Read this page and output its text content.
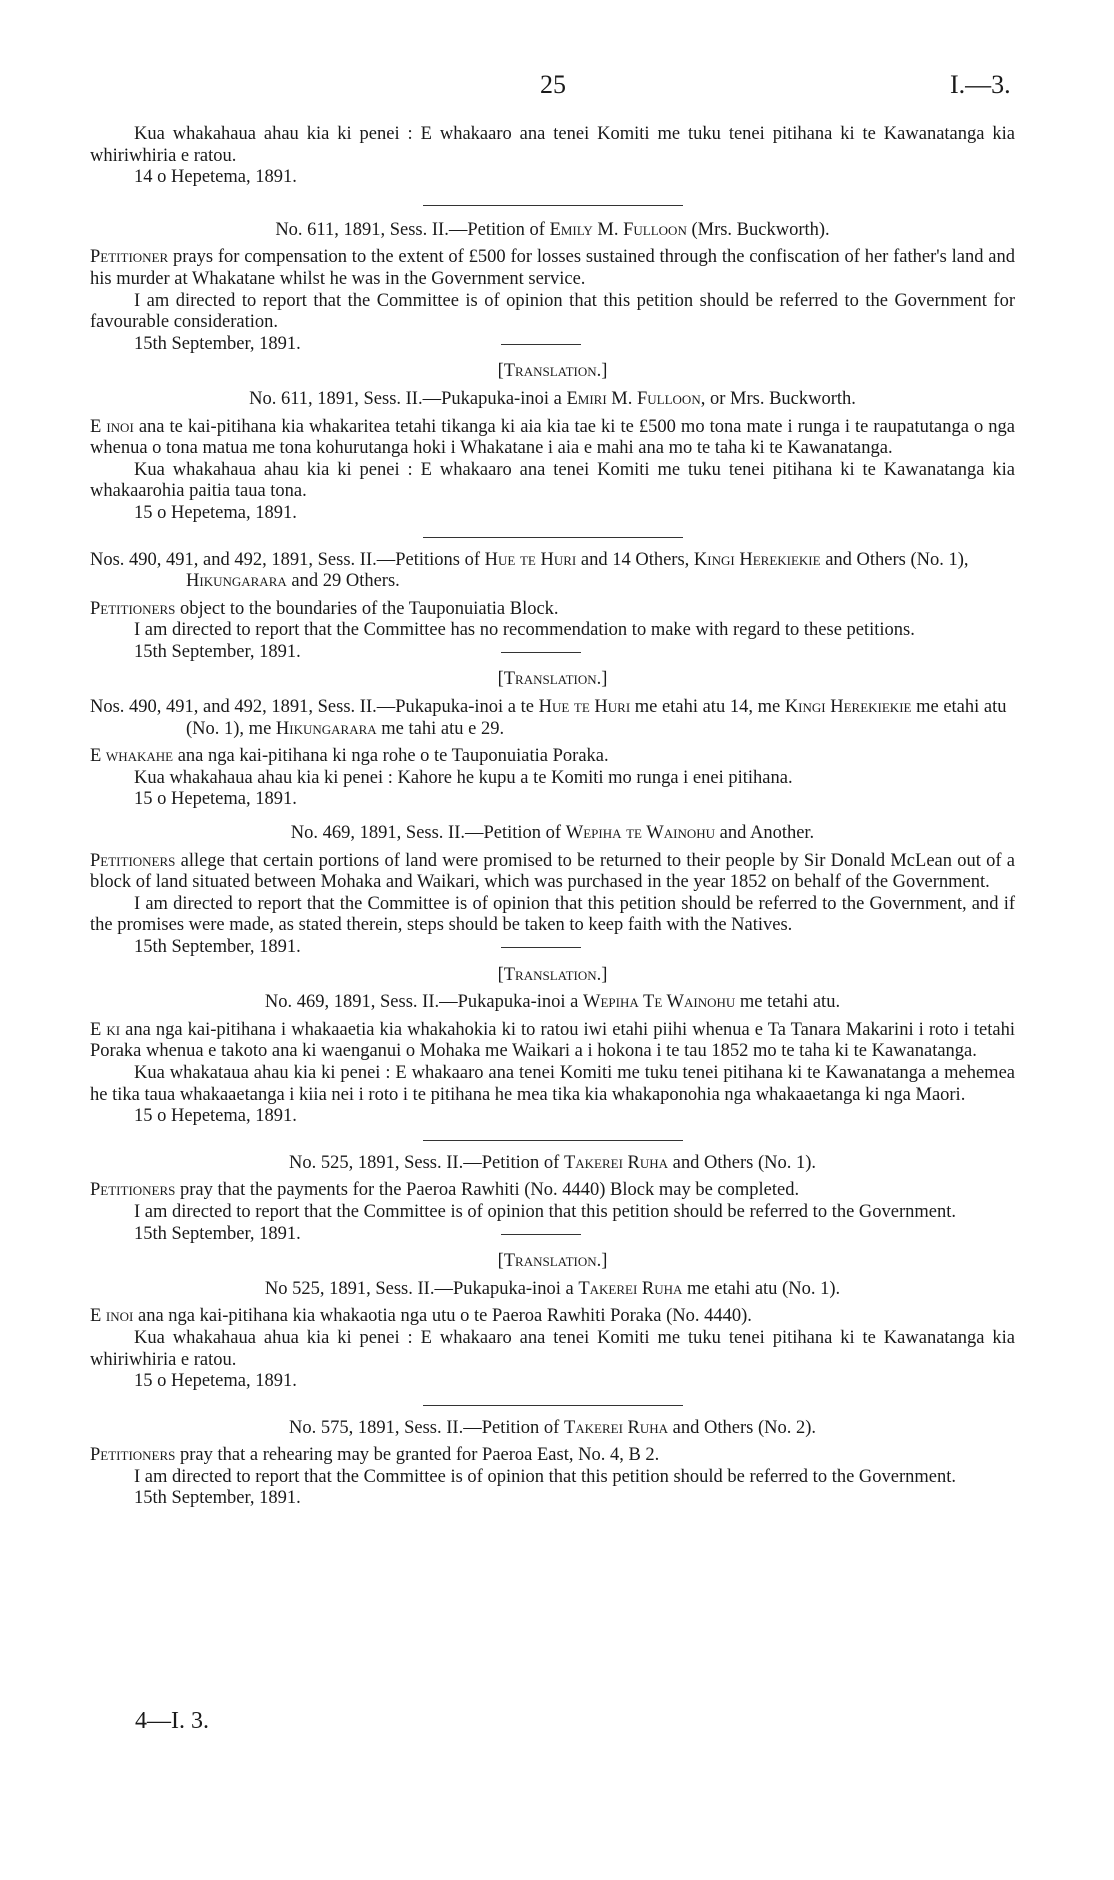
25	I.—3.

Kua whakahaua ahau kia ki penei : E whakaaro ana tenei Komiti me tuku tenei pitihana ki te Kawanatanga kia whiriwhiria e ratou.

14 o Hepetema, 1891.

No. 611, 1891, Sess. II.—Petition of Emily M. Fulloon (Mrs. Buckworth).

Petitioner prays for compensation to the extent of £500 for losses sustained through the confiscation of her father's land and his murder at Whakatane whilst he was in the Government service.

I am directed to report that the Committee is of opinion that this petition should be referred to the Government for favourable consideration.

15th September, 1891.

[Translation.]

No. 611, 1891, Sess. II.—Pukapuka-inoi a Emiri M. Fulloon, or Mrs. Buckworth.

E inoi ana te kai-pitihana kia whakaritea tetahi tikanga ki aia kia tae ki te £500 mo tona mate i runga i te raupatutanga o nga whenua o tona matua me tona kohurutanga hoki i Whakatane i aia e mahi ana mo te taha ki te Kawanatanga.

Kua whakahaua ahau kia ki penei : E whakaaro ana tenei Komiti me tuku tenei pitihana ki te Kawanatanga kia whakaarohia paitia taua tona.

15 o Hepetema, 1891.

Nos. 490, 491, and 492, 1891, Sess. II.—Petitions of Hue te Huri and 14 Others, Kingi Herekiekie and Others (No. 1), Hikungarara and 29 Others.

Petitioners object to the boundaries of the Tauponuiatia Block.

I am directed to report that the Committee has no recommendation to make with regard to these petitions.

15th September, 1891.

[Translation.]

Nos. 490, 491, and 492, 1891, Sess. II.—Pukapuka-inoi a te Hue te Huri me etahi atu 14, me Kingi Herekiekie me etahi atu (No. 1), me Hikungarara me tahi atu e 29.

E whakahe ana nga kai-pitihana ki nga rohe o te Tauponuiatia Poraka.

Kua whakahaua ahau kia ki penei : Kahore he kupu a te Komiti mo runga i enei pitihana.

15 o Hepetema, 1891.

No. 469, 1891, Sess. II.—Petition of Wepiha te Wainohu and Another.

Petitioners allege that certain portions of land were promised to be returned to their people by Sir Donald McLean out of a block of land situated between Mohaka and Waikari, which was purchased in the year 1852 on behalf of the Government.

I am directed to report that the Committee is of opinion that this petition should be referred to the Government, and if the promises were made, as stated therein, steps should be taken to keep faith with the Natives.

15th September, 1891.

[Translation.]

No. 469, 1891, Sess. II.—Pukapuka-inoi a Wepiha Te Wainohu me tetahi atu.

E ki ana nga kai-pitihana i whakaaetia kia whakahokia ki to ratou iwi etahi piihi whenua e Ta Tanara Makarini i roto i tetahi Poraka whenua e takoto ana ki waenganui o Mohaka me Waikari a i hokona i te tau 1852 mo te taha ki te Kawanatanga.

Kua whakataua ahau kia ki penei : E whakaaro ana tenei Komiti me tuku tenei pitihana ki te Kawanatanga a mehemea he tika taua whakaaetanga i kiia nei i roto i te pitihana he mea tika kia whakaponohia nga whakaaetanga ki nga Maori.

15 o Hepetema, 1891.

No. 525, 1891, Sess. II.—Petition of Takerei Ruha and Others (No. 1).

Petitioners pray that the payments for the Paeroa Rawhiti (No. 4440) Block may be completed.

I am directed to report that the Committee is of opinion that this petition should be referred to the Government.

15th September, 1891.

[Translation.]

No 525, 1891, Sess. II.—Pukapuka-inoi a Takerei Ruha me etahi atu (No. 1).

E inoi ana nga kai-pitihana kia whakaotia nga utu o te Paeroa Rawhiti Poraka (No. 4440).

Kua whakahaua ahua kia ki penei : E whakaaro ana tenei Komiti me tuku tenei pitihana ki te Kawanatanga kia whiriwhiria e ratou.

15 o Hepetema, 1891.

No. 575, 1891, Sess. II.—Petition of Takerei Ruha and Others (No. 2).

Petitioners pray that a rehearing may be granted for Paeroa East, No. 4, B 2.

I am directed to report that the Committee is of opinion that this petition should be referred to the Government.

15th September, 1891.

4—I. 3.
